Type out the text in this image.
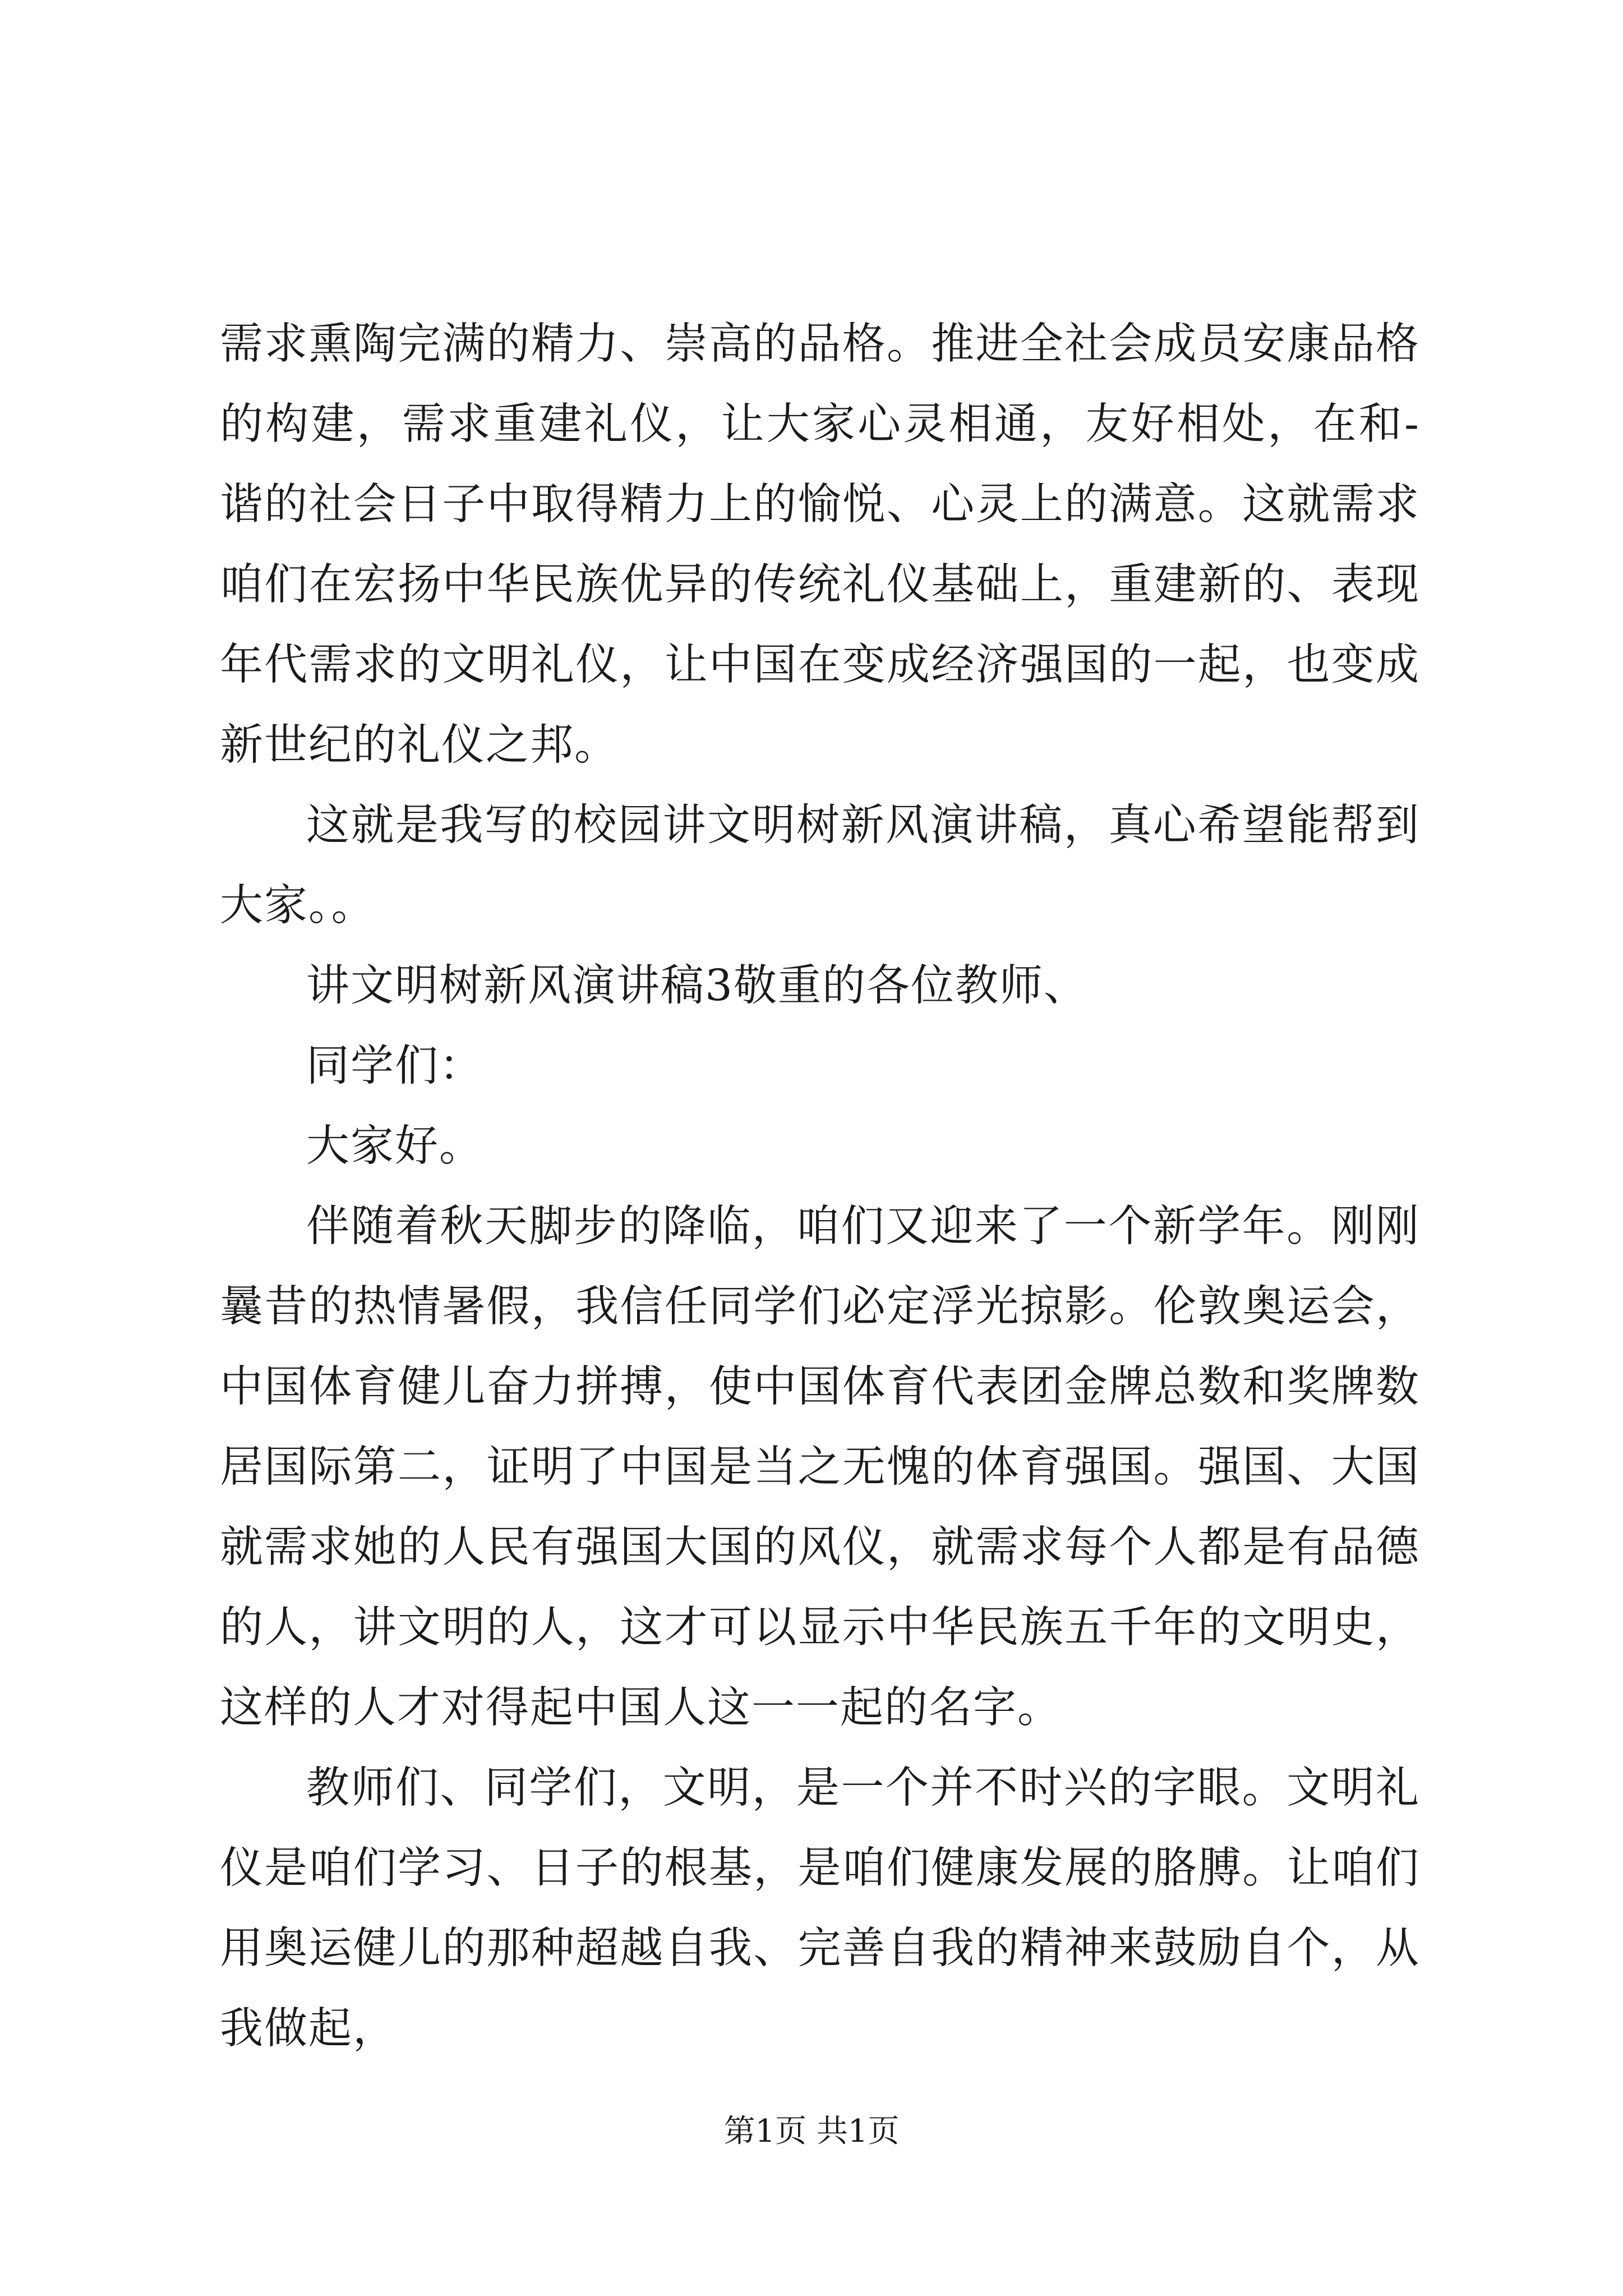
需求熏陶完满的精力、崇高的品格。推进全社会成员安康品格的构建，需求重建礼仪，让大家心灵相通，友好相处，在和-谐的社会日子中取得精力上的愉悦、心灵上的满意。这就需求咱们在宏扬中华民族优异的传统礼仪基础上，重建新的、表现年代需求的文明礼仪，让中国在变成经济强国的一起，也变成新世纪的礼仪之邦。

这就是我写的校园讲文明树新风演讲稿，真心希望能帮到大家。。

讲文明树新风演讲稿3敬重的各位教师、

同学们：

大家好。

伴随着秋天脚步的降临，咱们又迎来了一个新学年。刚刚曩昔的热情暑假，我信任同学们必定浮光掠影。伦敦奥运会，中国体育健儿奋力拼搏，使中国体育代表团金牌总数和奖牌数居国际第二，证明了中国是当之无愧的体育强国。强国、大国就需求她的人民有强国大国的风仪，就需求每个人都是有品德的人，讲文明的人，这才可以显示中华民族五千年的文明史，这样的人才对得起中国人这一一起的名字。

教师们、同学们，文明，是一个并不时兴的字眼。文明礼仪是咱们学习、日子的根基，是咱们健康发展的胳膊。让咱们用奥运健儿的那种超越自我、完善自我的精神来鼓励自个，从我做起，

第1页 共1页
